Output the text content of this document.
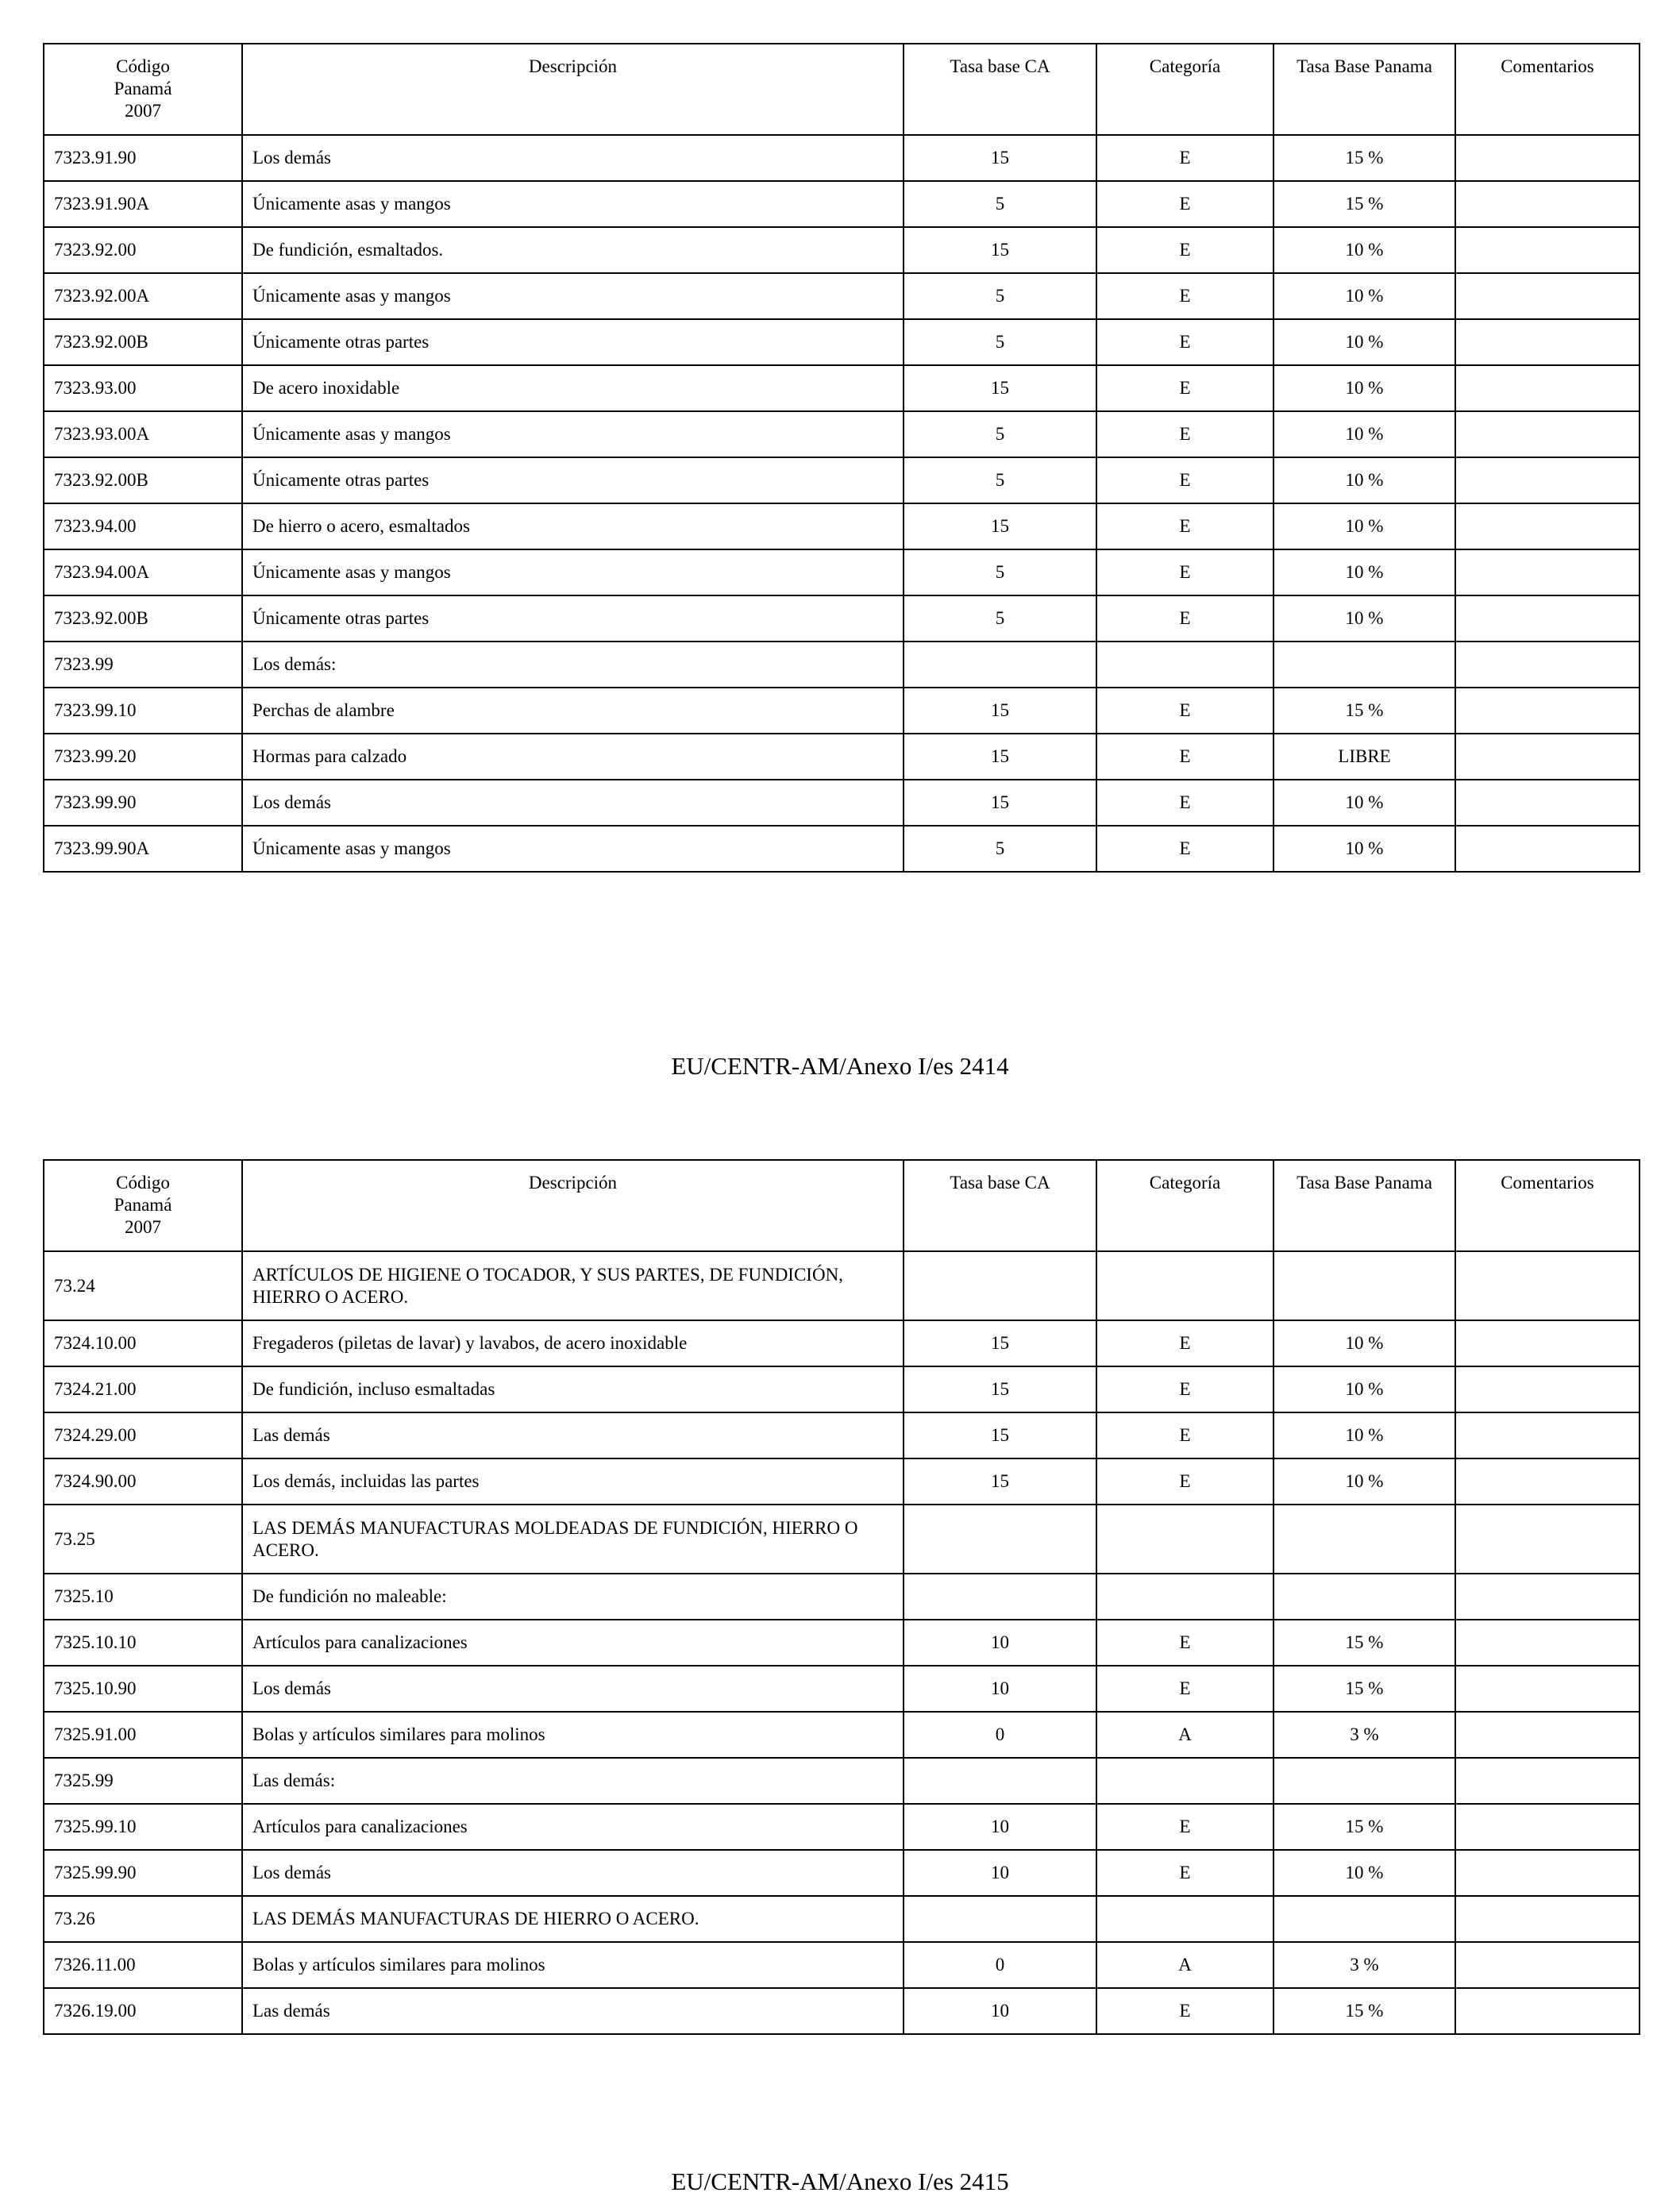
Código
Panamá
2007	Descripción	Tasa base CA	Categoría	Tasa Base Panama	Comentarios
7323.91.90	Los demás	15	E	15 %	
7323.91.90A	Únicamente asas y mangos	5	E	15 %	
7323.92.00	De fundición, esmaltados.	15	E	10 %	
7323.92.00A	Únicamente asas y mangos	5	E	10 %	
7323.92.00B	Únicamente otras partes	5	E	10 %	
7323.93.00	De acero inoxidable	15	E	10 %	
7323.93.00A	Únicamente asas y mangos	5	E	10 %	
7323.92.00B	Únicamente otras partes	5	E	10 %	
7323.94.00	De hierro o acero, esmaltados	15	E	10 %	
7323.94.00A	Únicamente asas y mangos	5	E	10 %	
7323.92.00B	Únicamente otras partes	5	E	10 %	
7323.99	Los demás:				
7323.99.10	Perchas de alambre	15	E	15 %	
7323.99.20	Hormas para calzado	15	E	LIBRE	
7323.99.90	Los demás	15	E	10 %	
7323.99.90A	Únicamente asas y mangos	5	E	10 %	
EU/CENTR-AM/Anexo I/es 2414
Código
Panamá
2007	Descripción	Tasa base CA	Categoría	Tasa Base Panama	Comentarios
73.24	ARTÍCULOS DE HIGIENE O TOCADOR, Y SUS PARTES, DE FUNDICIÓN, HIERRO O ACERO.				
7324.10.00	Fregaderos (piletas de lavar) y lavabos, de acero inoxidable	15	E	10 %	
7324.21.00	De fundición, incluso esmaltadas	15	E	10 %	
7324.29.00	Las demás	15	E	10 %	
7324.90.00	Los demás, incluidas las partes	15	E	10 %	
73.25	LAS DEMÁS MANUFACTURAS MOLDEADAS DE FUNDICIÓN, HIERRO O ACERO.				
7325.10	De fundición no maleable:				
7325.10.10	Artículos para canalizaciones	10	E	15 %	
7325.10.90	Los demás	10	E	15 %	
7325.91.00	Bolas y artículos similares para molinos	0	A	3 %	
7325.99	Las demás:				
7325.99.10	Artículos para canalizaciones	10	E	15 %	
7325.99.90	Los demás	10	E	10 %	
73.26	LAS DEMÁS MANUFACTURAS DE HIERRO O ACERO.				
7326.11.00	Bolas y artículos similares para molinos	0	A	3 %	
7326.19.00	Las demás	10	E	15 %	
EU/CENTR-AM/Anexo I/es 2415
